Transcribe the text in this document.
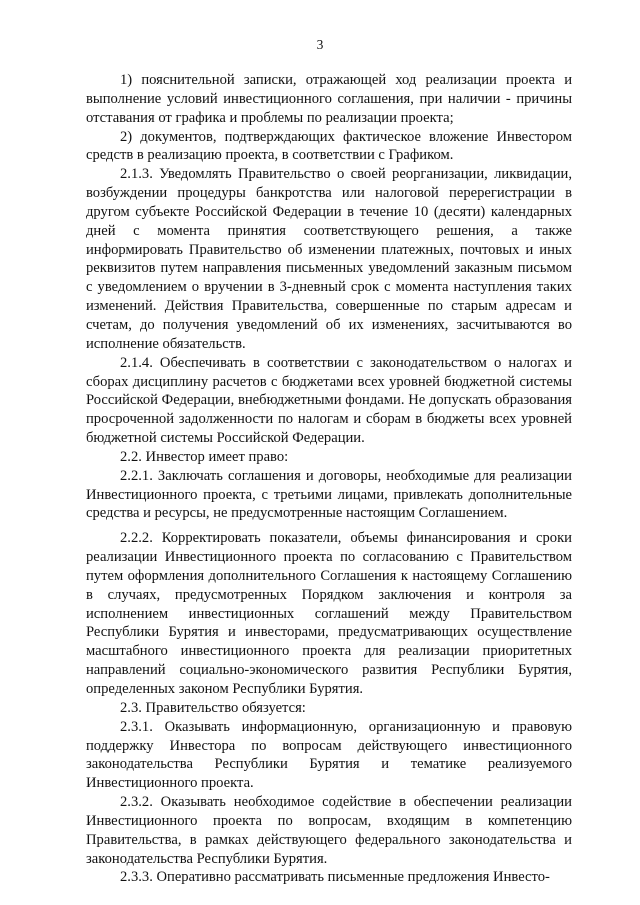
3

1) пояснительной записки, отражающей ход реализации проекта и выполнение условий инвестиционного соглашения, при наличии - причины отставания от графика и проблемы по реализации проекта;

2) документов, подтверждающих фактическое вложение Инвестором средств в реализацию проекта, в соответствии с Графиком.

2.1.3. Уведомлять Правительство о своей реорганизации, ликвидации, возбуждении процедуры банкротства или налоговой перерегистрации в другом субъекте Российской Федерации в течение 10 (десяти) календарных дней с момента принятия соответствующего решения, а также информировать Правительство об изменении платежных, почтовых и иных реквизитов путем направления письменных уведомлений заказным письмом с уведомлением о вручении в 3-дневный срок с момента наступления таких изменений. Действия Правительства, совершенные по старым адресам и счетам, до получения уведомлений об их изменениях, засчитываются во исполнение обязательств.

2.1.4. Обеспечивать в соответствии с законодательством о налогах и сборах дисциплину расчетов с бюджетами всех уровней бюджетной системы Российской Федерации, внебюджетными фондами. Не допускать образования просроченной задолженности по налогам и сборам в бюджеты всех уровней бюджетной системы Российской Федерации.

2.2. Инвестор имеет право:

2.2.1. Заключать соглашения и договоры, необходимые для реализации Инвестиционного проекта, с третьими лицами, привлекать дополнительные средства и ресурсы, не предусмотренные настоящим Соглашением.

2.2.2. Корректировать показатели, объемы финансирования и сроки реализации Инвестиционного проекта по согласованию с Правительством путем оформления дополнительного Соглашения к настоящему Соглашению в случаях, предусмотренных Порядком заключения и контроля за исполнением инвестиционных соглашений между Правительством Республики Бурятия и инвесторами, предусматривающих осуществление масштабного инвестиционного проекта для реализации приоритетных направлений социально-экономического развития Республики Бурятия, определенных законом Республики Бурятия.

2.3. Правительство обязуется:

2.3.1. Оказывать информационную, организационную и правовую поддержку Инвестора по вопросам действующего инвестиционного законодательства Республики Бурятия и тематике реализуемого Инвестиционного проекта.

2.3.2. Оказывать необходимое содействие в обеспечении реализации Инвестиционного проекта по вопросам, входящим в компетенцию Правительства, в рамках действующего федерального законодательства и законодательства Республики Бурятия.

2.3.3. Оперативно рассматривать письменные предложения Инвесто-
